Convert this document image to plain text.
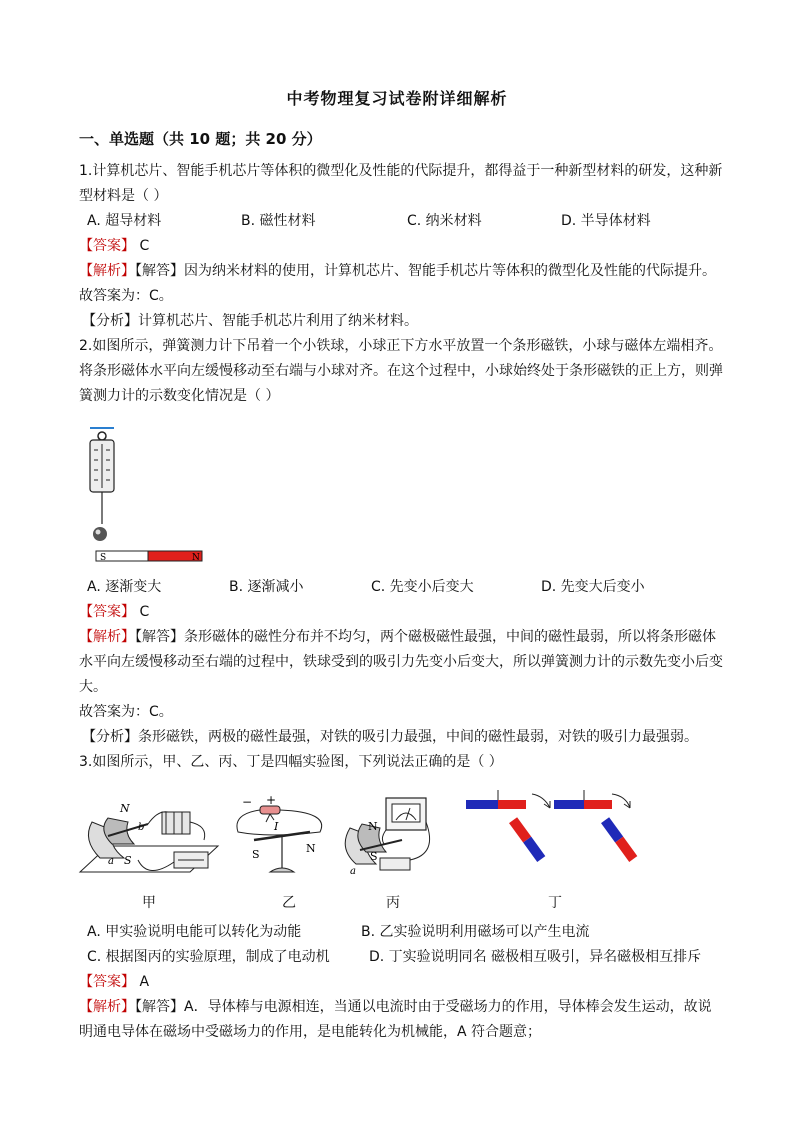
中考物理复习试卷附详细解析
一、单选题（共 10 题；共 20 分）
1.计算机芯片、智能手机芯片等体积的微型化及性能的代际提升，都得益于一种新型材料的研发，这种新
型材料是（ ）
A. 超导材料	B. 磁性材料	C. 纳米材料	D. 半导体材料
【答案】 C
【解析】【解答】因为纳米材料的使用，计算机芯片、智能手机芯片等体积的微型化及性能的代际提升。
故答案为：C。
【分析】计算机芯片、智能手机芯片利用了纳米材料。
2.如图所示，弹簧测力计下吊着一个小铁球，小球正下方水平放置一个条形磁铁，小球与磁体左端相齐。
将条形磁体水平向左缓慢移动至右端与小球对齐。在这个过程中，小球始终处于条形磁铁的正上方，则弹
簧测力计的示数变化情况是（ ）
S	N
A. 逐渐变大	B. 逐渐减小	C. 先变小后变大	D. 先变大后变小
【答案】 C
【解析】【解答】条形磁体的磁性分布并不均匀，两个磁极磁性最强，中间的磁性最弱，所以将条形磁体
水平向左缓慢移动至右端的过程中，铁球受到的吸引力先变小后变大，所以弹簧测力计的示数先变小后变
大。
故答案为：C。
【分析】条形磁铁，两极的磁性最强，对铁的吸引力最强，中间的磁性最弱，对铁的吸引力最强弱。
3.如图所示，甲、乙、丙、丁是四幅实验图，下列说法正确的是（ ）
N
b
a S
− +
I
S	N
N
S
a
甲	乙	丙	丁
A. 甲实验说明电能可以转化为动能	B. 乙实验说明利用磁场可以产生电流
C. 根据图丙的实验原理，制成了电动机	D. 丁实验说明同名 磁极相互吸引，异名磁极相互排斥
【答案】 A
【解析】【解答】A．导体棒与电源相连，当通以电流时由于受磁场力的作用，导体棒会发生运动，故说
明通电导体在磁场中受磁场力的作用，是电能转化为机械能，A 符合题意；
